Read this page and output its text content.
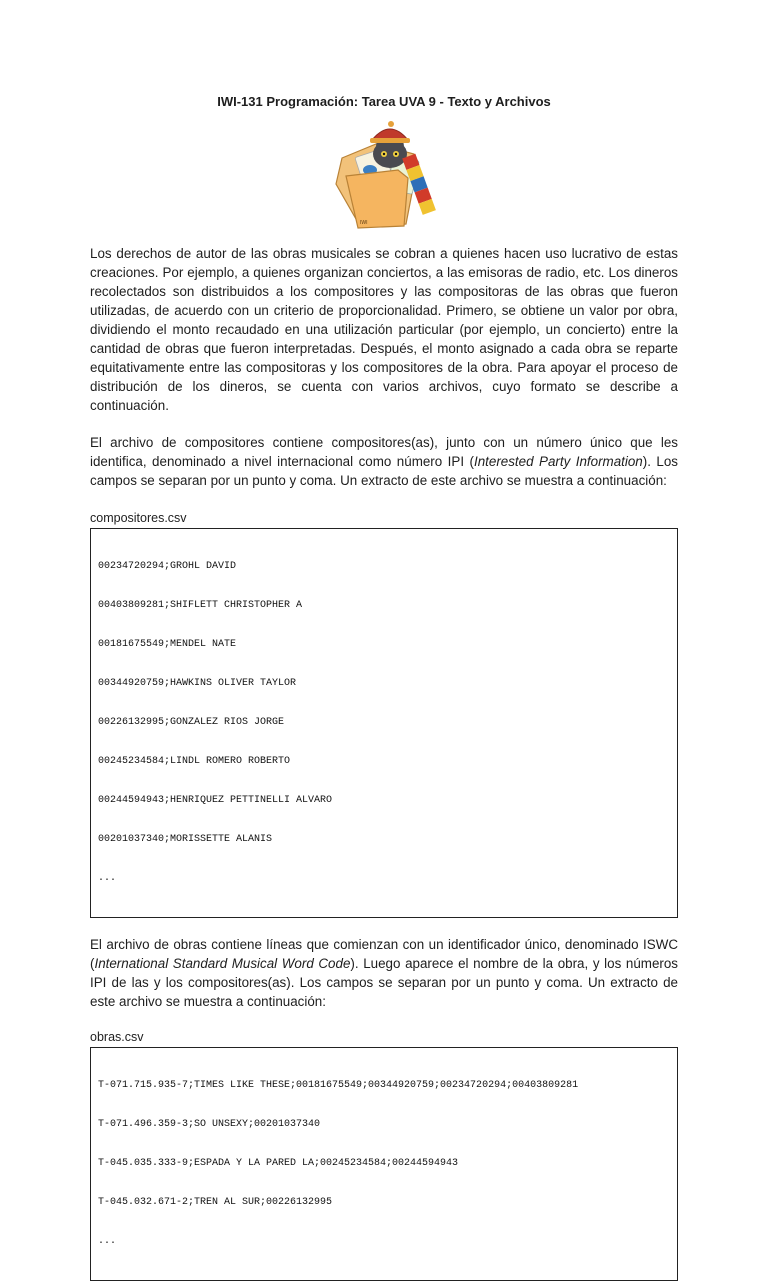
IWI-131 Programación: Tarea UVA 9 - Texto y Archivos
IWI

Los derechos de autor de las obras musicales se cobran a quienes hacen uso lucrativo de estas creaciones. Por ejemplo, a quienes organizan conciertos, a las emisoras de radio, etc. Los dineros recolectados son distribuidos a los compositores y las compositoras de las obras que fueron utilizadas, de acuerdo con un criterio de proporcionalidad. Primero, se obtiene un valor por obra, dividiendo el monto recaudado en una utilización particular (por ejemplo, un concierto) entre la cantidad de obras que fueron interpretadas. Después, el monto asignado a cada obra se reparte equitativamente entre las compositoras y los compositores de la obra. Para apoyar el proceso de distribución de los dineros, se cuenta con varios archivos, cuyo formato se describe a continuación.

El archivo de compositores contiene compositores(as), junto con un número único que les identifica, denominado a nivel internacional como número IPI (Interested Party Information). Los campos se separan por un punto y coma. Un extracto de este archivo se muestra a continuación:

compositores.csv

00234720294;GROHL DAVID

00403809281;SHIFLETT CHRISTOPHER A

00181675549;MENDEL NATE

00344920759;HAWKINS OLIVER TAYLOR

00226132995;GONZALEZ RIOS JORGE

00245234584;LINDL ROMERO ROBERTO

00244594943;HENRIQUEZ PETTINELLI ALVARO

00201037340;MORISSETTE ALANIS

...

El archivo de obras contiene líneas que comienzan con un identificador único, denominado ISWC (International Standard Musical Word Code). Luego aparece el nombre de la obra, y los números IPI de las y los compositores(as). Los campos se separan por un punto y coma. Un extracto de este archivo se muestra a continuación:

obras.csv

T-071.715.935-7;TIMES LIKE THESE;00181675549;00344920759;00234720294;00403809281

T-071.496.359-3;SO UNSEXY;00201037340

T-045.035.333-9;ESPADA Y LA PARED LA;00245234584;00244594943

T-045.032.671-2;TREN AL SUR;00226132995

...
